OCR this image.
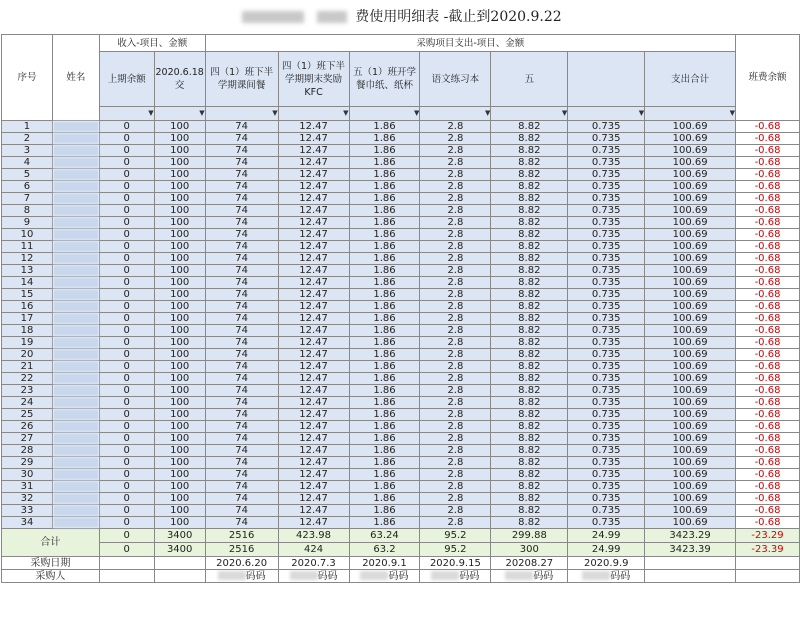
费使用明细表 -截止到2020.9.22
序号	姓名	收入-项目、金额		采购项目支出-项目、金额							班费余额
		上期余额	2020.6.18交	四（1）班下半学期课间餐	四（1）班下半学期期末奖励KFC	五（1）班开学餐巾纸、纸杯	语文练习本	五		支出合计	

		▼	▼	▼	▼	▼	▼	▼	▼	▼	

1		0	100	74	12.47	1.86	2.8	8.82	0.735	100.69	-0.68
2		0	100	74	12.47	1.86	2.8	8.82	0.735	100.69	-0.68
3		0	100	74	12.47	1.86	2.8	8.82	0.735	100.69	-0.68
4		0	100	74	12.47	1.86	2.8	8.82	0.735	100.69	-0.68
5		0	100	74	12.47	1.86	2.8	8.82	0.735	100.69	-0.68
6		0	100	74	12.47	1.86	2.8	8.82	0.735	100.69	-0.68
7		0	100	74	12.47	1.86	2.8	8.82	0.735	100.69	-0.68
8		0	100	74	12.47	1.86	2.8	8.82	0.735	100.69	-0.68
9		0	100	74	12.47	1.86	2.8	8.82	0.735	100.69	-0.68
10		0	100	74	12.47	1.86	2.8	8.82	0.735	100.69	-0.68
11		0	100	74	12.47	1.86	2.8	8.82	0.735	100.69	-0.68
12		0	100	74	12.47	1.86	2.8	8.82	0.735	100.69	-0.68
13		0	100	74	12.47	1.86	2.8	8.82	0.735	100.69	-0.68
14		0	100	74	12.47	1.86	2.8	8.82	0.735	100.69	-0.68
15		0	100	74	12.47	1.86	2.8	8.82	0.735	100.69	-0.68
16		0	100	74	12.47	1.86	2.8	8.82	0.735	100.69	-0.68
17		0	100	74	12.47	1.86	2.8	8.82	0.735	100.69	-0.68
18		0	100	74	12.47	1.86	2.8	8.82	0.735	100.69	-0.68
19		0	100	74	12.47	1.86	2.8	8.82	0.735	100.69	-0.68
20		0	100	74	12.47	1.86	2.8	8.82	0.735	100.69	-0.68
21		0	100	74	12.47	1.86	2.8	8.82	0.735	100.69	-0.68
22		0	100	74	12.47	1.86	2.8	8.82	0.735	100.69	-0.68
23		0	100	74	12.47	1.86	2.8	8.82	0.735	100.69	-0.68
24		0	100	74	12.47	1.86	2.8	8.82	0.735	100.69	-0.68
25		0	100	74	12.47	1.86	2.8	8.82	0.735	100.69	-0.68
26		0	100	74	12.47	1.86	2.8	8.82	0.735	100.69	-0.68
27		0	100	74	12.47	1.86	2.8	8.82	0.735	100.69	-0.68
28		0	100	74	12.47	1.86	2.8	8.82	0.735	100.69	-0.68
29		0	100	74	12.47	1.86	2.8	8.82	0.735	100.69	-0.68
30		0	100	74	12.47	1.86	2.8	8.82	0.735	100.69	-0.68
31		0	100	74	12.47	1.86	2.8	8.82	0.735	100.69	-0.68
32		0	100	74	12.47	1.86	2.8	8.82	0.735	100.69	-0.68
33		0	100	74	12.47	1.86	2.8	8.82	0.735	100.69	-0.68
34		0	100	74	12.47	1.86	2.8	8.82	0.735	100.69	-0.68
合计		0	3400	2516	423.98	63.24	95.2	299.88	24.99	3423.29	-23.29
		0	3400	2516	424	63.2	95.2	300	24.99	3423.39	-23.39
采购日期				2020.6.20	2020.7.3	2020.9.1	2020.9.15	20208.27	2020.9.9		
采购人				码码	码码	码码	码码	码码	码码		
